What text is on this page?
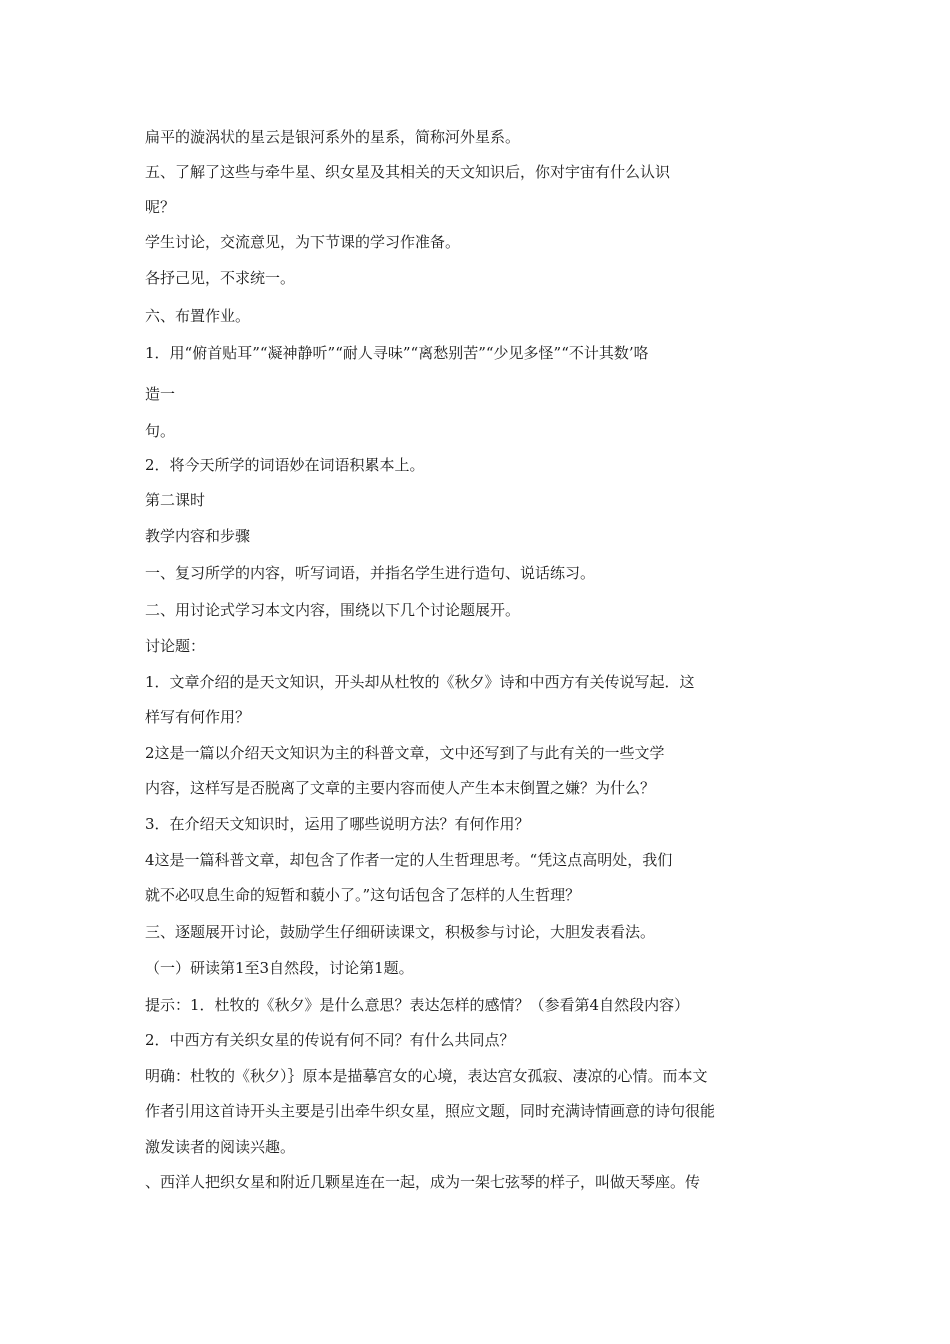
扁平的漩涡状的星云是银河系外的星系，简称河外星系。
五、了解了这些与牵牛星、织女星及其相关的天文知识后，你对宇宙有什么认识
呢？
学生讨论，交流意见，为下节课的学习作准备。
各抒己见，不求统一。
六、布置作业。
1．用“俯首贴耳”“凝神静听”“耐人寻味”“离愁别苦”“少见多怪”“不计其数’咯
造一
句。
2．将今天所学的词语妙在词语积累本上。
第二课时
教学内容和步骤
一、复习所学的内容，听写词语，并指名学生进行造句、说话练习。
二、用讨论式学习本文内容，围绕以下几个讨论题展开。
讨论题：
1．文章介绍的是天文知识，开头却从杜牧的《秋夕》诗和中西方有关传说写起．这
样写有何作用？
2这是一篇以介绍天文知识为主的科普文章，文中还写到了与此有关的一些文学
内容，这样写是否脱离了文章的主要内容而使人产生本末倒置之嫌？为什么？
3．在介绍天文知识时，运用了哪些说明方法？有何作用？
4这是一篇科普文章，却包含了作者一定的人生哲理思考。“凭这点高明处，我们
就不必叹息生命的短暂和藐小了。”这句话包含了怎样的人生哲理？
三、逐题展开讨论，鼓励学生仔细研读课文，积极参与讨论，大胆发表看法。
（一）研读第1至3自然段，讨论第1题。
提示：1．杜牧的《秋夕》是什么意思？表达怎样的感情？（参看第4自然段内容）
2．中西方有关织女星的传说有何不同？有什么共同点？
明确：杜牧的《秋夕）｝原本是描摹宫女的心境，表达宫女孤寂、凄凉的心情。而本文
作者引用这首诗开头主要是引出牵牛织女星，照应文题，同时充满诗情画意的诗句很能
激发读者的阅读兴趣。
、西洋人把织女星和附近几颗星连在一起，成为一架七弦琴的样子，叫做天琴座。传
